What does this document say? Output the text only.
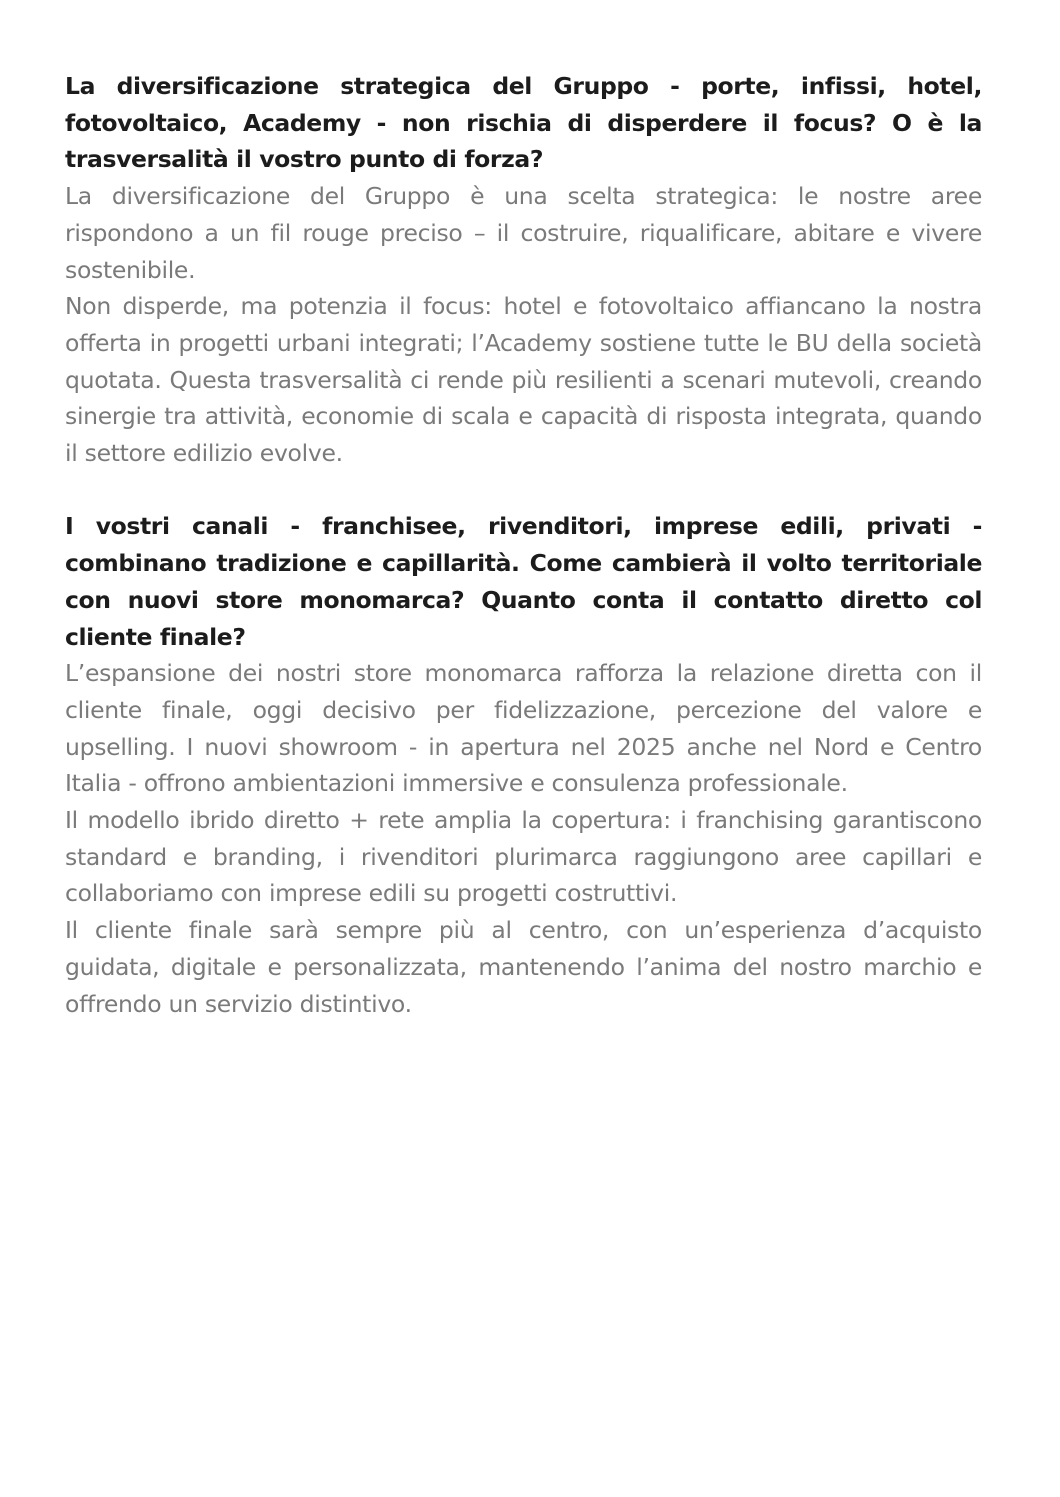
La diversificazione strategica del Gruppo - porte, infissi, hotel, fotovoltaico, Academy - non rischia di disperdere il focus? O è la trasversalità il vostro punto di forza?

La diversificazione del Gruppo è una scelta strategica: le nostre aree rispondono a un fil rouge preciso – il costruire, riqualificare, abitare e vivere sostenibile.

Non disperde, ma potenzia il focus: hotel e fotovoltaico affiancano la nostra offerta in progetti urbani integrati; l’Academy sostiene tutte le BU della società quotata. Questa trasversalità ci rende più resilienti a scenari mutevoli, creando sinergie tra attività, economie di scala e capacità di risposta integrata, quando il settore edilizio evolve.

I vostri canali - franchisee, rivenditori, imprese edili, privati - combinano tradizione e capillarità. Come cambierà il volto territoriale con nuovi store monomarca? Quanto conta il contatto diretto col cliente finale?

L’espansione dei nostri store monomarca rafforza la relazione diretta con il cliente finale, oggi decisivo per fidelizzazione, percezione del valore e upselling. I nuovi showroom - in apertura nel 2025 anche nel Nord e Centro Italia - offrono ambientazioni immersive e consulenza professionale.

Il modello ibrido diretto + rete amplia la copertura: i franchising garantiscono standard e branding, i rivenditori plurimarca raggiungono aree capillari e collaboriamo con imprese edili su progetti costruttivi.

Il cliente finale sarà sempre più al centro, con un’esperienza d’acquisto guidata, digitale e personalizzata, mantenendo l’anima del nostro marchio e offrendo un servizio distintivo.
